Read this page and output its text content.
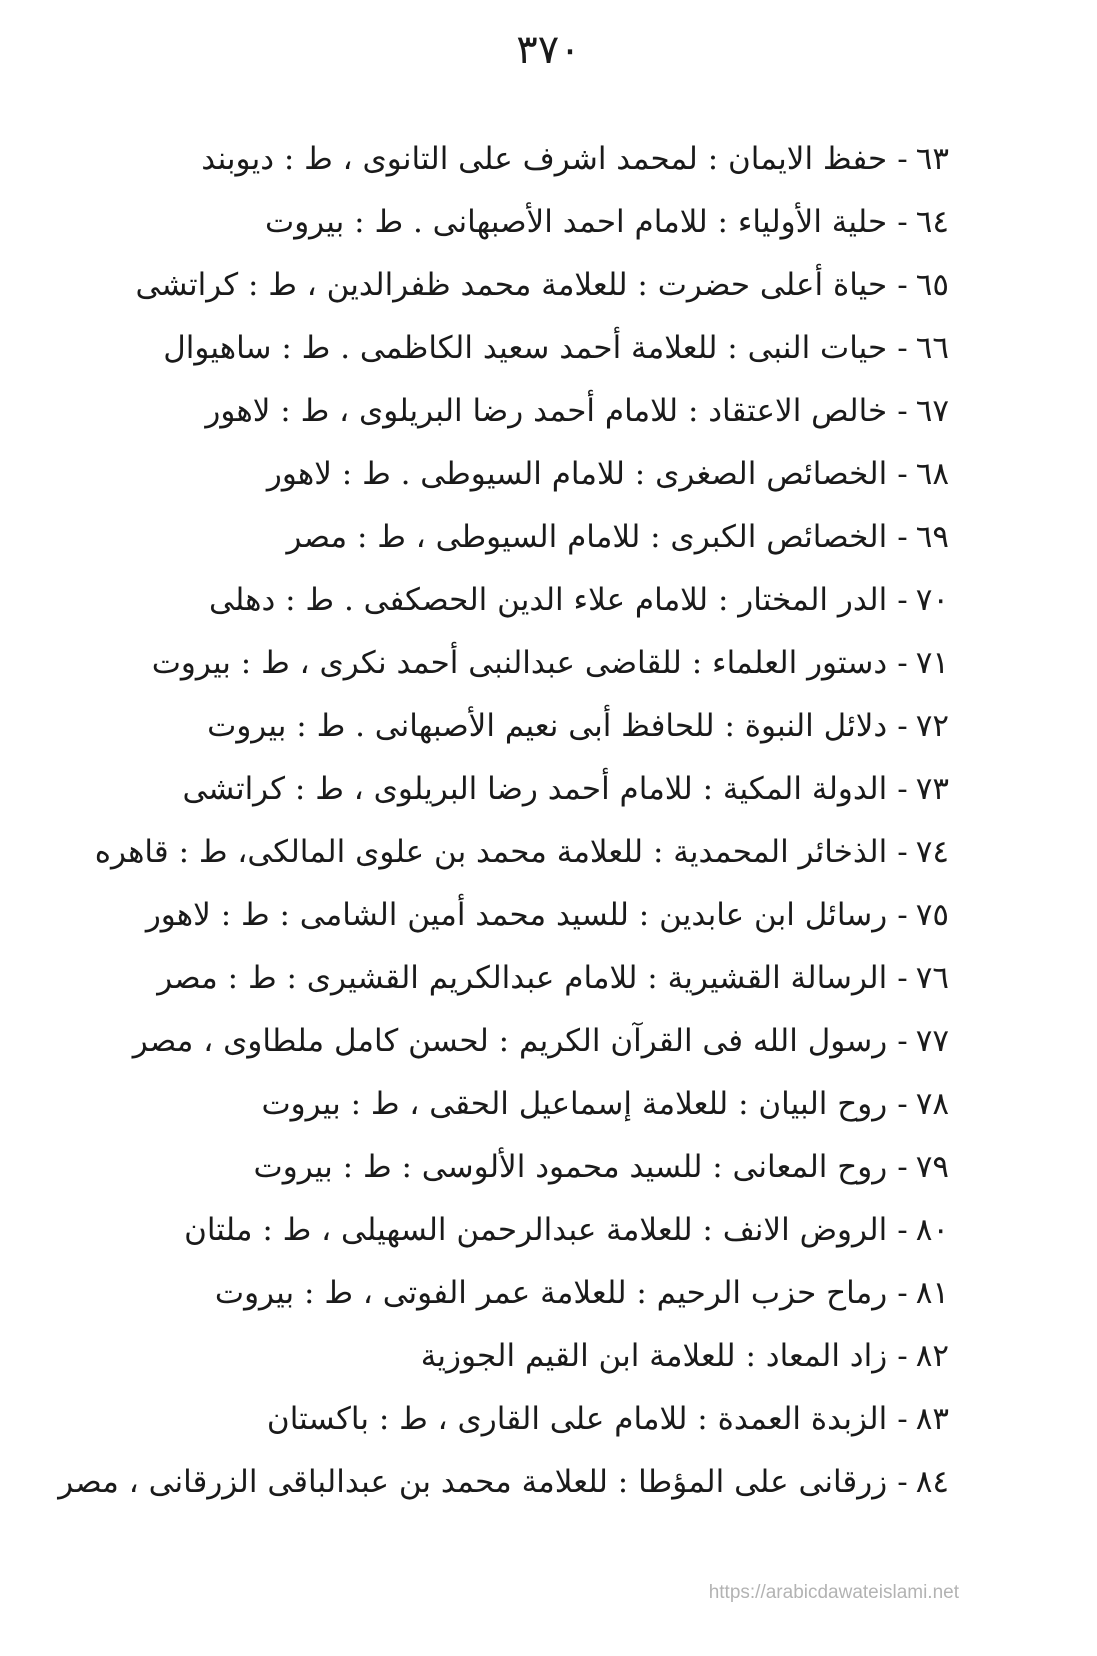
٣٧٠
٦٣-حفظ الايمان : لمحمد اشرف على التانوى ، ط : ديوبند
٦٤-حلية الأولياء : للامام احمد الأصبهانى . ط : بيروت
٦٥-حياة أعلى حضرت : للعلامة محمد ظفرالدين ، ط : كراتشى
٦٦-حيات النبى : للعلامة أحمد سعيد الكاظمى . ط : ساهيوال
٦٧-خالص الاعتقاد : للامام أحمد رضا البريلوى ، ط : لاهور
٦٨-الخصائص الصغرى : للامام السيوطى . ط : لاهور
٦٩-الخصائص الكبرى : للامام السيوطى ، ط : مصر
٧٠-الدر المختار : للامام علاء الدين الحصكفى . ط : دهلى
٧١-دستور العلماء : للقاضى عبدالنبى أحمد نكرى ، ط : بيروت
٧٢-دلائل النبوة : للحافظ أبى نعيم الأصبهانى . ط : بيروت
٧٣-الدولة المكية : للامام أحمد رضا البريلوى ، ط : كراتشى
٧٤-الذخائر المحمدية : للعلامة محمد بن علوى المالكى، ط : قاهره
٧٥-رسائل ابن عابدين : للسيد محمد أمين الشامى : ط : لاهور
٧٦-الرسالة القشيرية : للامام عبدالكريم القشيرى : ط : مصر
٧٧-رسول الله فى القرآن الكريم : لحسن كامل ملطاوى ، مصر
٧٨-روح البيان : للعلامة إسماعيل الحقى ، ط : بيروت
٧٩-روح المعانى : للسيد محمود الألوسى : ط : بيروت
٨٠-الروض الانف : للعلامة عبدالرحمن السهيلى ، ط : ملتان
٨١-رماح حزب الرحيم : للعلامة عمر الفوتى ، ط : بيروت
٨٢-زاد المعاد : للعلامة ابن القيم الجوزية
٨٣-الزبدة العمدة : للامام على القارى ، ط : باكستان
٨٤-زرقانى على المؤطا : للعلامة محمد بن عبدالباقى الزرقانى ، مصر
https://arabicdawateislami.net
